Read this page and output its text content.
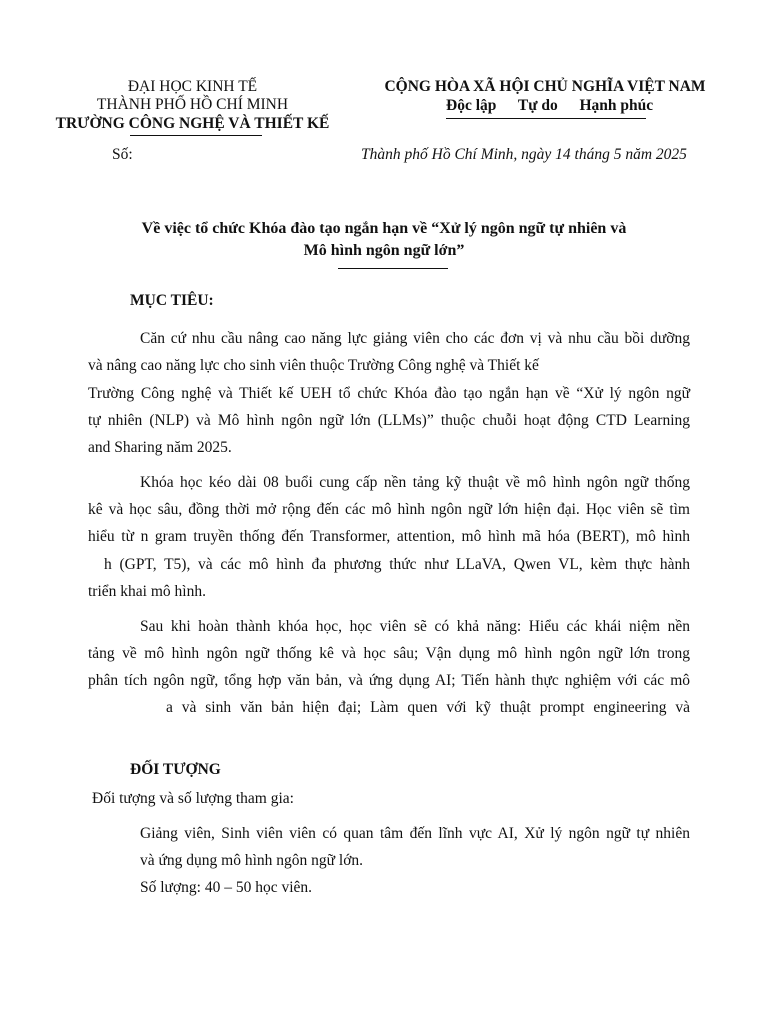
ĐẠI HỌC KINH TẾ
THÀNH PHỐ HỒ CHÍ MINH
TRƯỜNG CÔNG NGHỆ VÀ THIẾT KẾ
Số:
CỘNG HÒA XÃ HỘI CHỦ NGHĨA VIỆT NAM
Độc lập Tự do Hạnh phúc
Thành phố Hồ Chí Minh, ngày 14 tháng 5 năm 2025
Về việc tổ chức Khóa đào tạo ngắn hạn về “Xử lý ngôn ngữ tự nhiên và
Mô hình ngôn ngữ lớn”
MỤC TIÊU:
Căn cứ nhu cầu nâng cao năng lực giảng viên cho các đơn vị và nhu cầu bồi dưỡng
và nâng cao năng lực cho sinh viên thuộc Trường Công nghệ và Thiết kế
Trường Công nghệ và Thiết kế UEH tổ chức Khóa đào tạo ngắn hạn về “Xử lý ngôn ngữ
tự nhiên (NLP) và Mô hình ngôn ngữ lớn (LLMs)” thuộc chuỗi hoạt động CTD Learning
and Sharing năm 2025.
Khóa học kéo dài 08 buổi cung cấp nền tảng kỹ thuật về mô hình ngôn ngữ thống
kê và học sâu, đồng thời mở rộng đến các mô hình ngôn ngữ lớn hiện đại. Học viên sẽ tìm
hiểu từ n gram truyền thống đến Transformer, attention, mô hình mã hóa (BERT), mô hình
h (GPT, T5), và các mô hình đa phương thức như LLaVA, Qwen VL, kèm thực hành
triển khai mô hình.
Sau khi hoàn thành khóa học, học viên sẽ có khả năng: Hiểu các khái niệm nền
tảng về mô hình ngôn ngữ thống kê và học sâu; Vận dụng mô hình ngôn ngữ lớn trong
phân tích ngôn ngữ, tổng hợp văn bản, và ứng dụng AI; Tiến hành thực nghiệm với các mô
a và sinh văn bản hiện đại; Làm quen với kỹ thuật prompt engineering và
ĐỐI TƯỢNG
Đối tượng và số lượng tham gia:
Giảng viên, Sinh viên viên có quan tâm đến lĩnh vực AI, Xử lý ngôn ngữ tự nhiên
và ứng dụng mô hình ngôn ngữ lớn.
Số lượng: 40 – 50 học viên.
